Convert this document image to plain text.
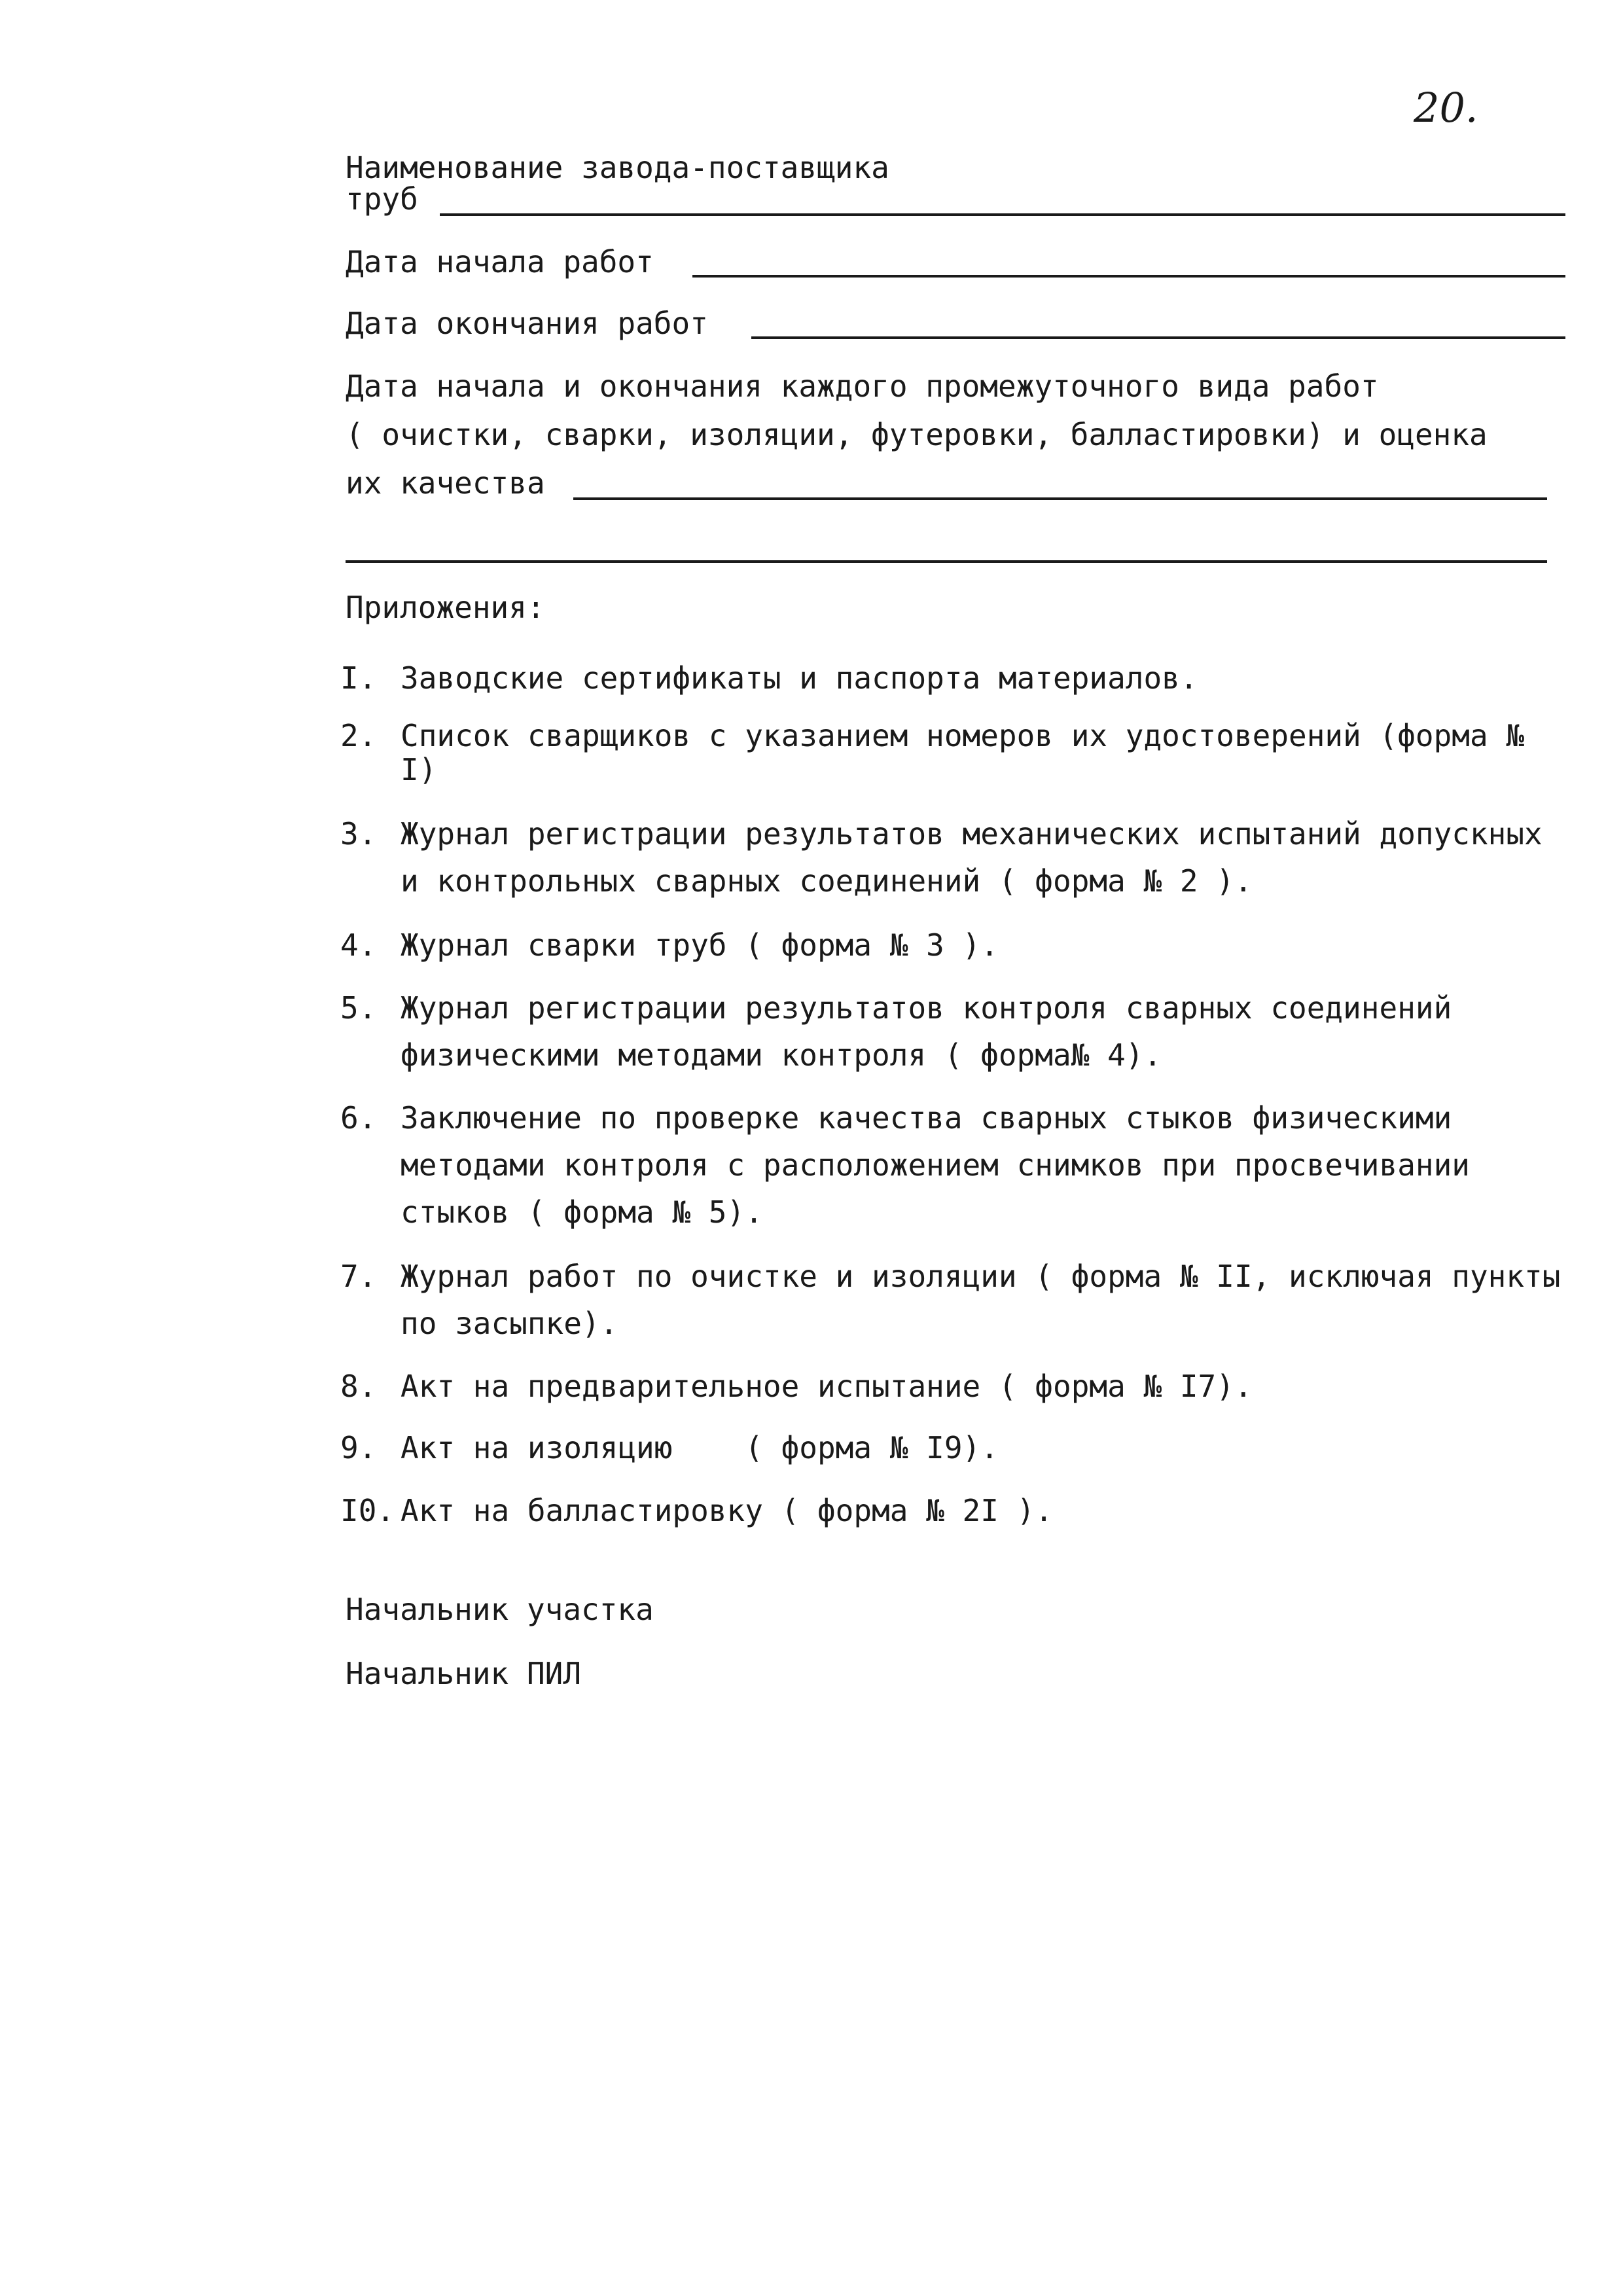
20.
Наименование завода-поставщика
труб
Дата начала работ
Дата окончания работ
Дата начала и окончания каждого промежуточного вида работ
( очистки, сварки, изоляции, футеровки, балластировки) и оценка
их качества
Приложения:
I. Заводские сертификаты и паспорта материалов.
2. Список сварщиков с указанием номеров их удостоверений (форма № I)
3. Журнал регистрации результатов механических испытаний допускных и контрольных сварных соединений ( форма № 2 ).
4. Журнал сварки труб ( форма № 3 ).
5. Журнал регистрации результатов контроля сварных соединений физическими методами контроля ( форма№ 4).
6. Заключение по проверке качества сварных стыков физическими методами контроля с расположением снимков при просвечивании стыков ( форма № 5).
7. Журнал работ по очистке и изоляции ( форма № II, исключая пункты по засыпке).
8. Акт на предварительное испытание ( форма № I7).
9. Акт на изоляцию    ( форма № I9).
I0. Акт на балластировку ( форма № 2I ).
Начальник участка
Начальник ПИЛ
